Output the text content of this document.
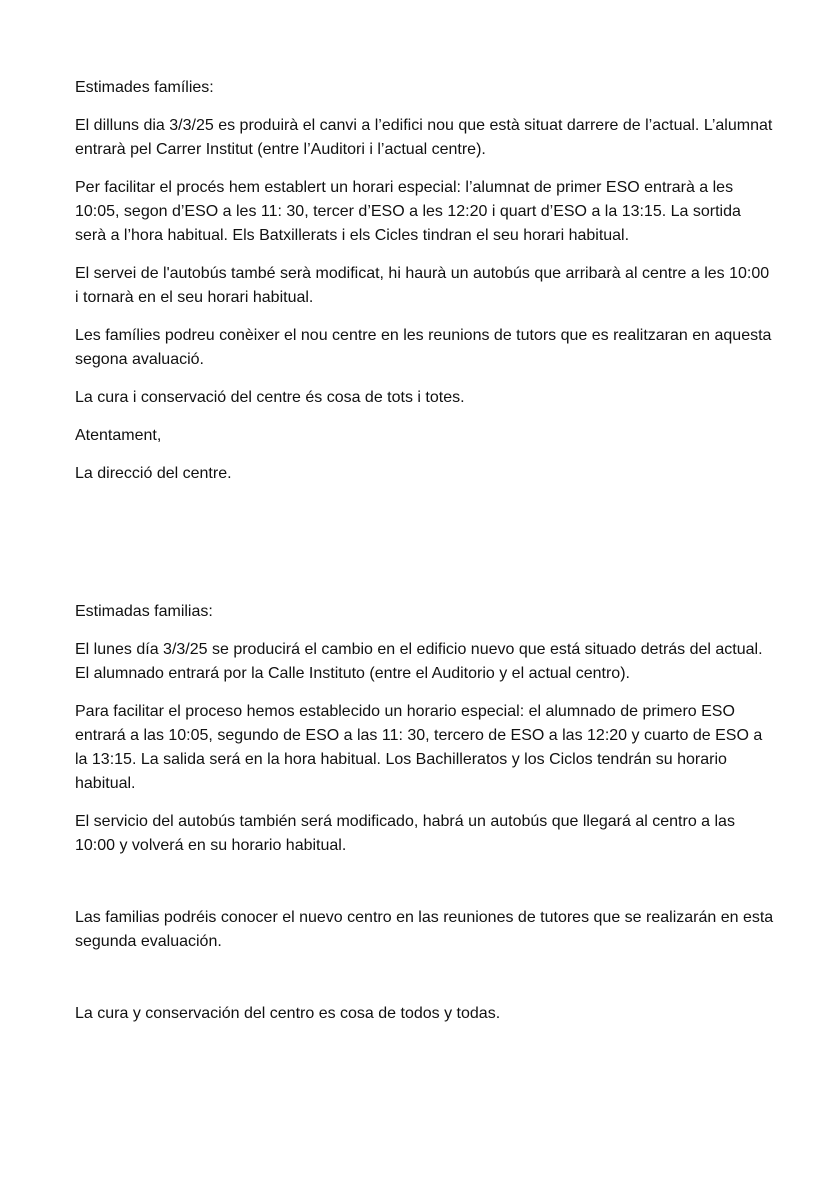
Estimades famílies:

El dilluns dia 3/3/25 es produirà el canvi a l’edifici nou que està situat darrere de l’actual. L’alumnat entrarà pel Carrer Institut (entre l’Auditori i l’actual centre).

Per facilitar el procés hem establert un horari especial: l’alumnat de primer ESO entrarà a les 10:05, segon d’ESO a les 11: 30, tercer d’ESO a les 12:20 i quart d’ESO a la 13:15. La sortida serà a l’hora habitual. Els Batxillerats i els Cicles tindran el seu horari habitual.

El servei de l'autobús també serà modificat, hi haurà un autobús que arribarà al centre a les 10:00 i tornarà en el seu horari habitual.

Les famílies podreu conèixer el nou centre en les reunions de tutors que es realitzaran en aquesta segona avaluació.

La cura i conservació del centre és cosa de tots i totes.

Atentament,

La direcció del centre.

Estimadas familias:

El lunes día 3/3/25 se producirá el cambio en el edificio nuevo que está situado detrás del actual. El alumnado entrará por la Calle Instituto (entre el Auditorio y el actual centro).

Para facilitar el proceso hemos establecido un horario especial: el alumnado de primero ESO entrará a las 10:05, segundo de ESO a las 11: 30, tercero de ESO a las 12:20 y cuarto de ESO a la 13:15. La salida será en la hora habitual. Los Bachilleratos y los Ciclos tendrán su horario habitual.

El servicio del autobús también será modificado, habrá un autobús que llegará al centro a las 10:00 y volverá en su horario habitual.

Las familias podréis conocer el nuevo centro en las reuniones de tutores que se realizarán en esta segunda evaluación.

La cura y conservación del centro es cosa de todos y todas.
